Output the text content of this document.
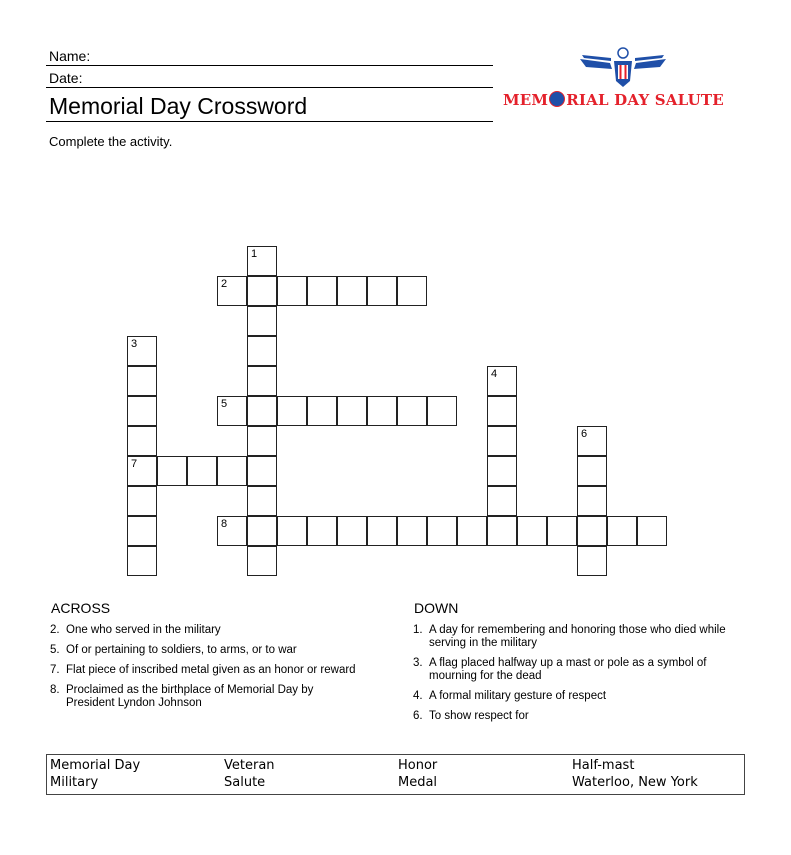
Name:
Date:
Memorial Day Crossword
Complete the activity.
MEM RIAL DAY SALUTE
1
2
3
7
4
5
6
8
ACROSS
2. One who served in the military
5. Of or pertaining to soldiers, to arms, or to war
7. Flat piece of inscribed metal given as an honor or reward
8. Proclaimed as the birthplace of Memorial Day by President Lyndon Johnson
DOWN
1. A day for remembering and honoring those who died while serving in the military
3. A flag placed halfway up a mast or pole as a symbol of mourning for the dead
4. A formal military gesture of respect
6. To show respect for
Memorial Day	Veteran	Honor	Half-mast
Military	Salute	Medal	Waterloo, New York
